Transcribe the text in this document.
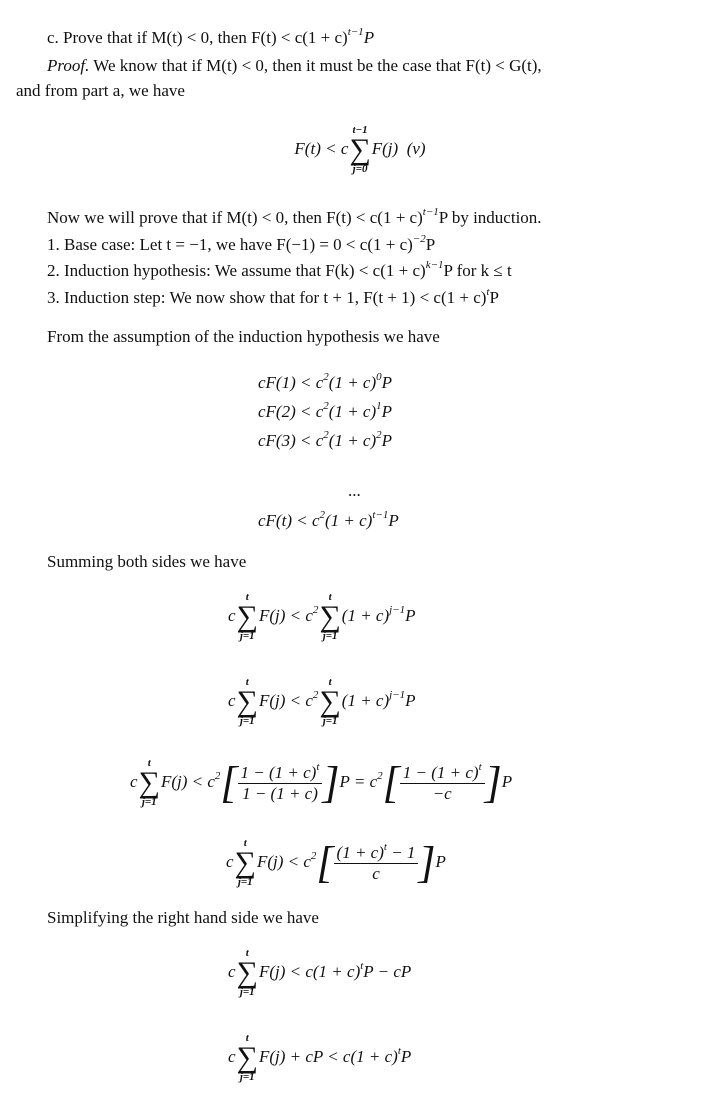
c. Prove that if M(t) < 0, then $F(t) < c(1 + c)^{t-1}P$
Proof. We know that if M(t) < 0, then it must be the case that F(t) < G(t),
and from part a, we have
F(t) < c
t−1
∑
j=0
F(j) (v)
Now we will prove that if M(t) < 0, then $F(t) < c(1 + c)^{t-1}P$ by induction.
1. Base case: Let t = −1, we have $F(-1) = 0 < c(1 + c)^{-2}P$
2. Induction hypothesis: We assume that $F(k) < c(1 + c)^{k-1}P$ for k ≤ t
3. Induction step: We now show that for t + 1, $F(t + 1) < c(1 + c)^tP$
From the assumption of the induction hypothesis we have
$cF(1) < c^2(1 + c)^0P$
$cF(2) < c^2(1 + c)^1P$
$cF(3) < c^2(1 + c)^2P$
...
$cF(t) < c^2(1 + c)^{t-1}P$
Summing both sides we have
c
t
∑
j=1
$F(j) < c^2$
t
∑
j=1
$(1 + c)^{j-1}P$
c
t
∑
j=1
$F(j) < c^2$
t
∑
j=1
$(1 + c)^{j-1}P$
c
t
∑
j=1
$F(j) < c^2[ \frac{1 - (1 + c)^t}{1 - (1 + c)} ]P = c^2[ \frac{1 - (1 + c)^t}{-c} ]P$
c
t
∑
j=1
$F(j) < c^2[ \frac{(1 + c)^t - 1}{c} ]P$
Simplifying the right hand side we have
c
t
∑
j=1
$F(j) < c(1 + c)^tP$ − cP
c
t
∑
j=1
F(j) + cP < $c(1 + c)^tP$
